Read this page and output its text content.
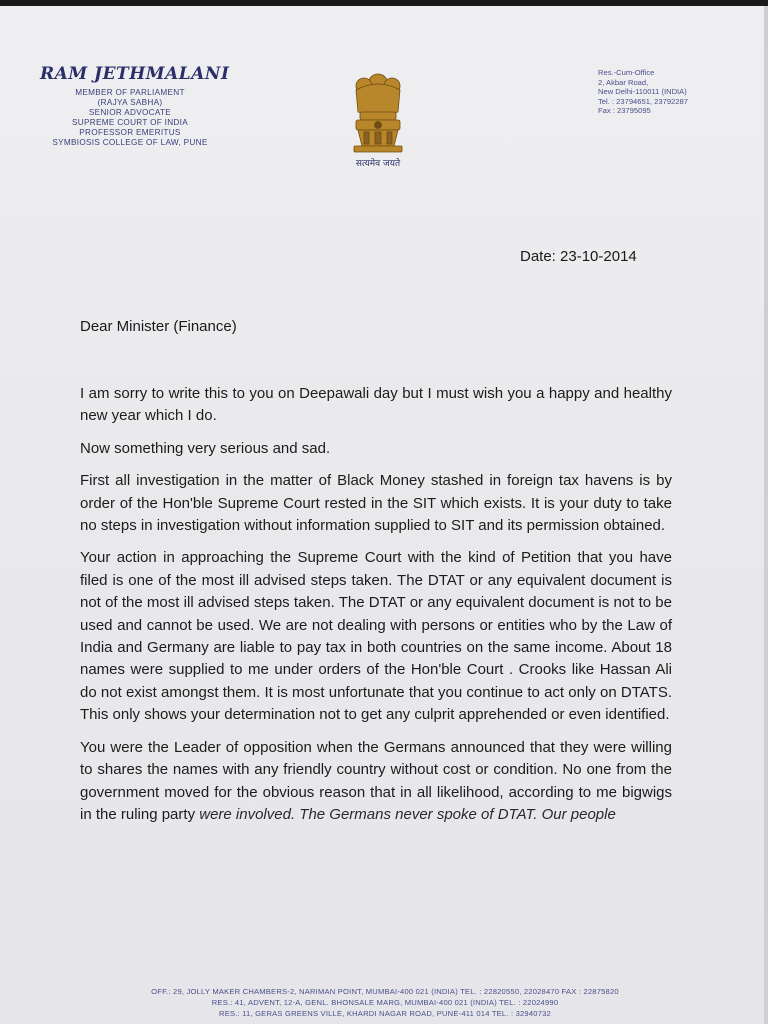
RAM JETHMALANI
MEMBER OF PARLIAMENT
(RAJYA SABHA)
SENIOR ADVOCATE
SUPREME COURT OF INDIA
PROFESSOR EMERITUS
SYMBIOSIS COLLEGE OF LAW, PUNE
सत्यमेव जयते
Res.-Cum-Office
2, Akbar Road,
New Delhi-110011 (INDIA)
Tel. : 23794651, 23792287
Fax : 23795095
Date: 23-10-2014
Dear Minister (Finance)

I am sorry to write this to you on Deepawali day but I must wish you a happy and healthy new year which I do.

Now something very serious and sad.

First all investigation in the matter of Black Money stashed in foreign tax havens is by order of the Hon'ble Supreme Court rested in the SIT which exists. It is your duty to take no steps in investigation without information supplied to SIT and its permission obtained.

Your action in approaching the Supreme Court with the kind of Petition that you have filed is one of the most ill advised steps taken. The DTAT or any equivalent document is not of the most ill advised steps taken. The DTAT or any equivalent document is not to be used and cannot be used. We are not dealing with persons or entities who by the Law of India and Germany are liable to pay tax in both countries on the same income. About 18 names were supplied to me under orders of the Hon'ble Court . Crooks like Hassan Ali do not exist amongst them. It is most unfortunate that you continue to act only on DTATS. This only shows your determination not to get any culprit apprehended or even identified.

You were the Leader of opposition when the Germans announced that they were willing to shares the names with any friendly country without cost or condition. No one from the government moved for the obvious reason that in all likelihood, according to me bigwigs in the ruling party were involved. The Germans never spoke of DTAT. Our people

OFF.: 29, JOLLY MAKER CHAMBERS-2, NARIMAN POINT, MUMBAI-400 021 (INDIA) TEL. : 22820550, 22028470 FAX : 22875820
RES.: 41, ADVENT, 12-A, GENL. BHONSALE MARG, MUMBAI-400 021 (INDIA) TEL. : 22024990
RES.: 11, GERAS GREENS VILLE, KHARDI NAGAR ROAD, PUNE-411 014 TEL. : 32940732
